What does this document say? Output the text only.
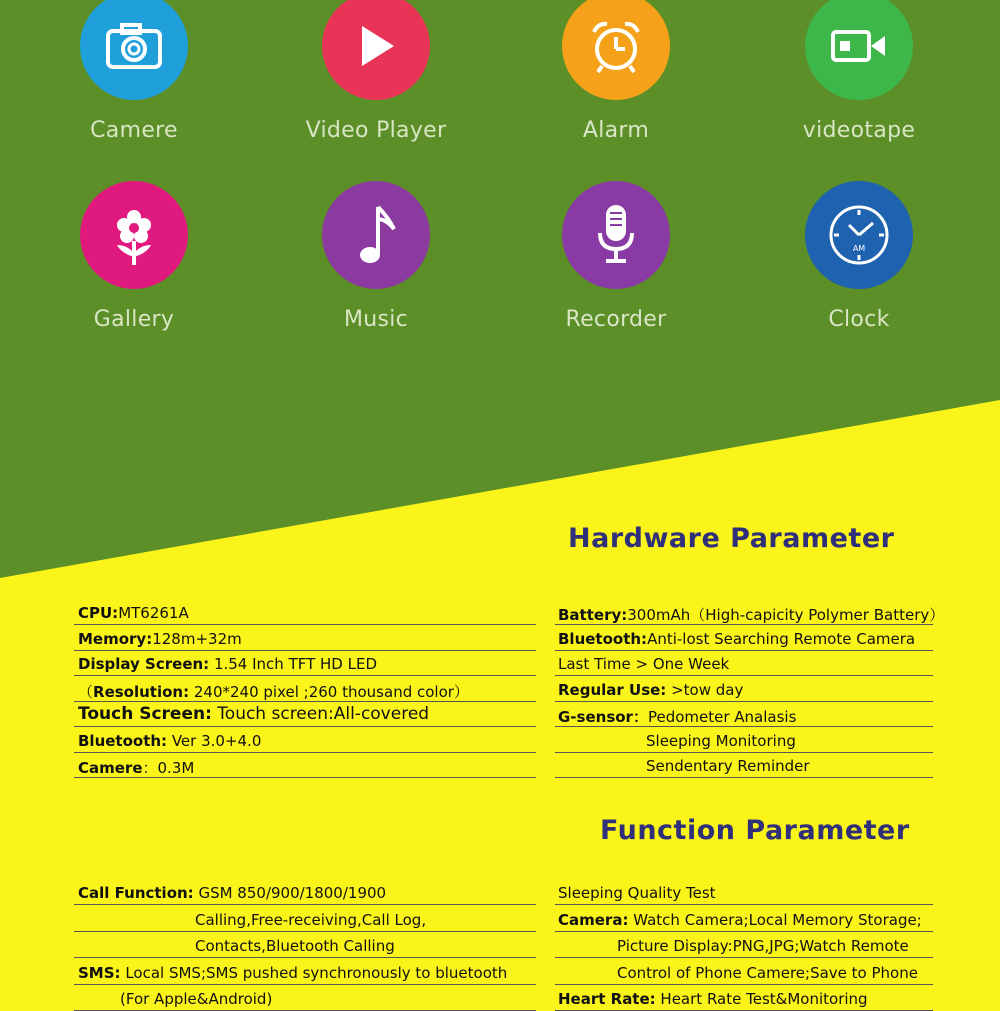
Camere	Video Player	Alarm	videotape
Gallery	Music	Recorder
AM
Clock
Hardware Parameter
CPU:MT6261A
Memory:128m+32m
Display Screen: 1.54 Inch TFT HD LED
（Resolution: 240*240 pixel ;260 thousand color）
Touch Screen: Touch screen:All-covered
Bluetooth: Ver 3.0+4.0
Camere：0.3M
Battery:300mAh（High-capicity Polymer Battery）
Bluetooth:Anti-lost Searching Remote Camera
Last Time > One Week
Regular Use: >tow day
G-sensor：Pedometer Analasis
Sleeping Monitoring
Sendentary Reminder
Function Parameter
Call Function: GSM 850/900/1800/1900
Calling,Free-receiving,Call Log,
Contacts,Bluetooth Calling
SMS: Local SMS;SMS pushed synchronously to bluetooth
(For Apple&Android)
Sleeping Quality Test
Camera: Watch Camera;Local Memory Storage;
Picture Display:PNG,JPG;Watch Remote
Control of Phone Camere;Save to Phone
Heart Rate: Heart Rate Test&Monitoring
